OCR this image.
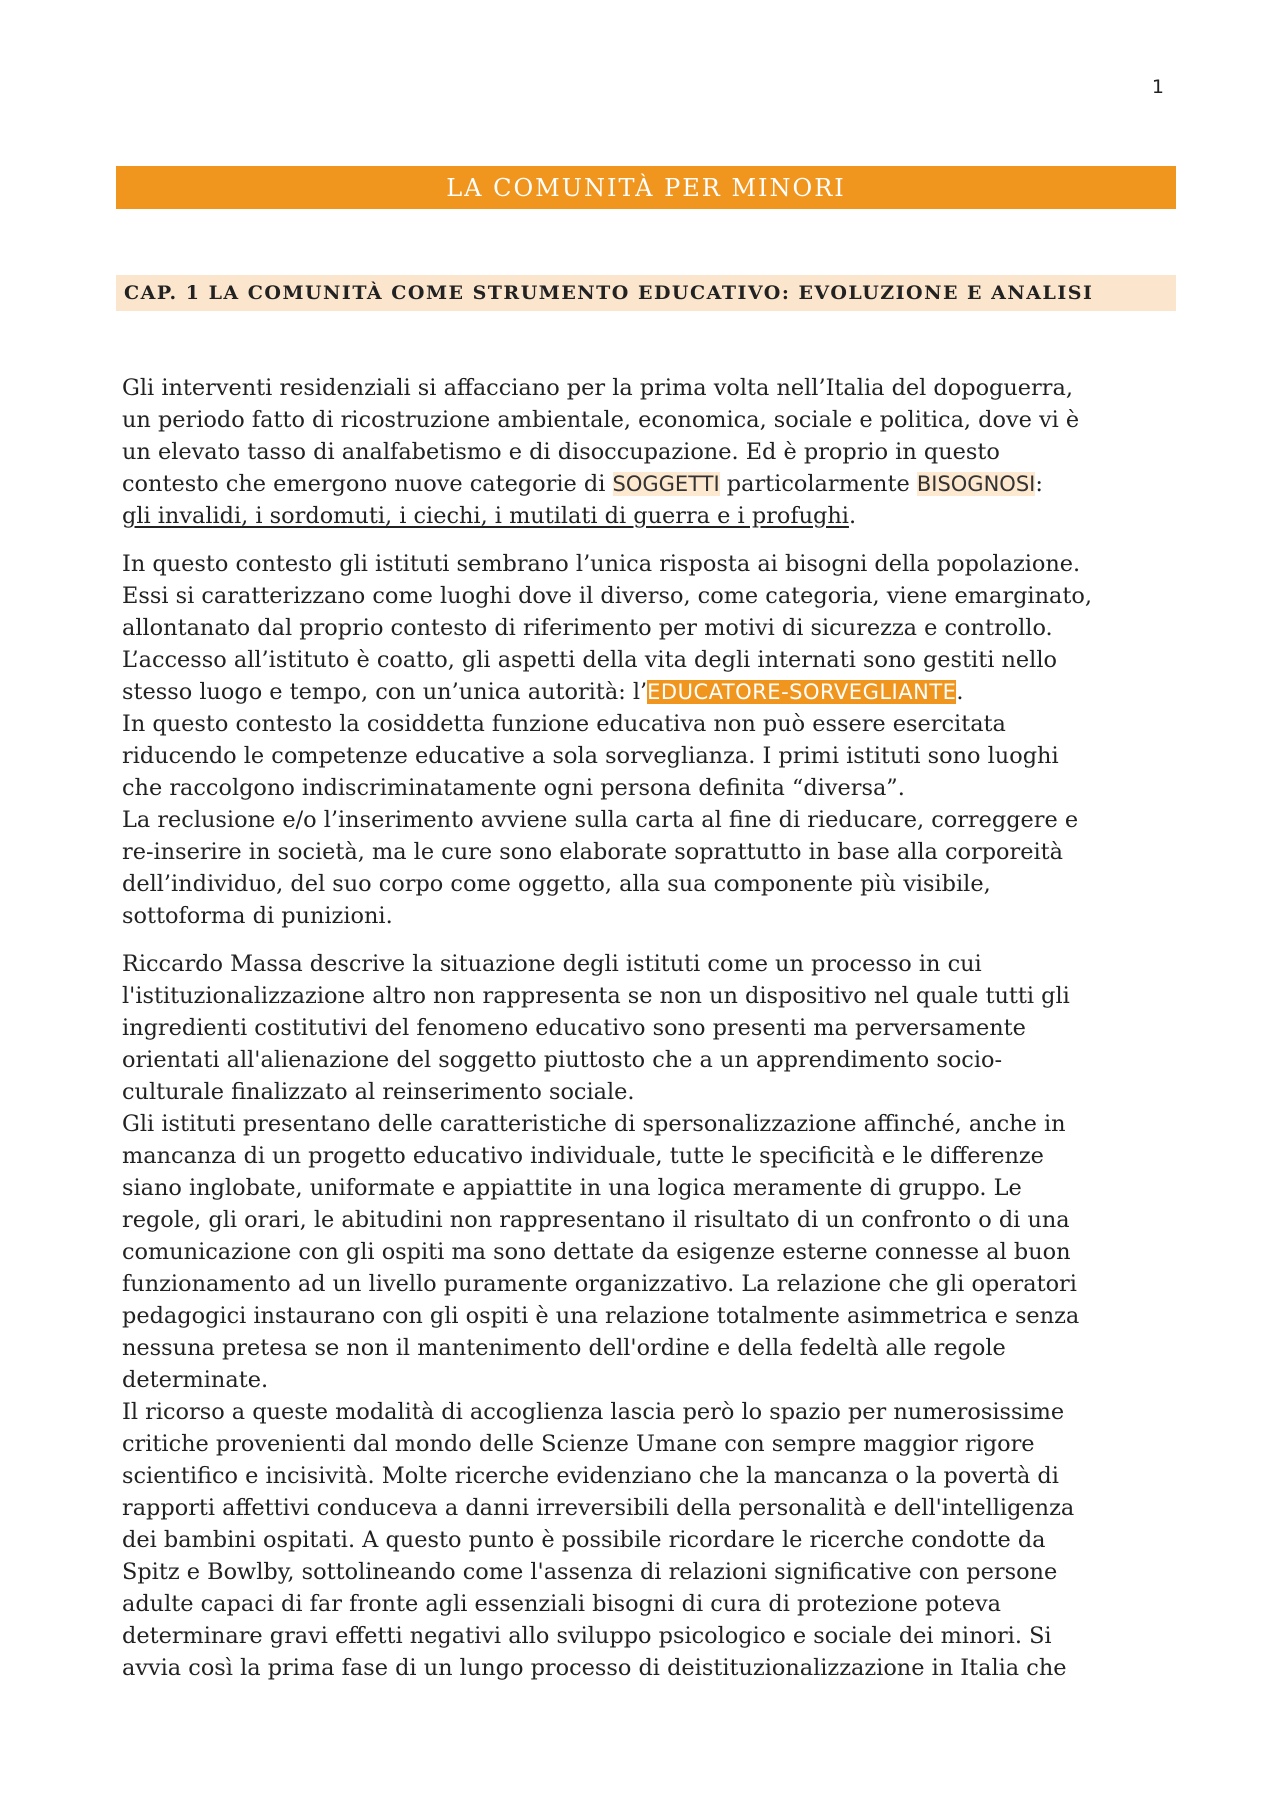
1
LA COMUNITÀ PER MINORI
CAP. 1 LA COMUNITÀ COME STRUMENTO EDUCATIVO: EVOLUZIONE E ANALISI
Gli interventi residenziali si affacciano per la prima volta nell’Italia del dopoguerra,
un periodo fatto di ricostruzione ambientale, economica, sociale e politica, dove vi è
un elevato tasso di analfabetismo e di disoccupazione. Ed è proprio in questo
contesto che emergono nuove categorie di SOGGETTI particolarmente BISOGNOSI:
gli invalidi, i sordomuti, i ciechi, i mutilati di guerra e i profughi.
In questo contesto gli istituti sembrano l’unica risposta ai bisogni della popolazione.
Essi si caratterizzano come luoghi dove il diverso, come categoria, viene emarginato,
allontanato dal proprio contesto di riferimento per motivi di sicurezza e controllo.
L’accesso all’istituto è coatto, gli aspetti della vita degli internati sono gestiti nello
stesso luogo e tempo, con un’unica autorità: l’EDUCATORE-SORVEGLIANTE.
In questo contesto la cosiddetta funzione educativa non può essere esercitata
riducendo le competenze educative a sola sorveglianza. I primi istituti sono luoghi
che raccolgono indiscriminatamente ogni persona definita “diversa”.
La reclusione e/o l’inserimento avviene sulla carta al fine di rieducare, correggere e
re-inserire in società, ma le cure sono elaborate soprattutto in base alla corporeità
dell’individuo, del suo corpo come oggetto, alla sua componente più visibile,
sottoforma di punizioni.
Riccardo Massa descrive la situazione degli istituti come un processo in cui
l'istituzionalizzazione altro non rappresenta se non un dispositivo nel quale tutti gli
ingredienti costitutivi del fenomeno educativo sono presenti ma perversamente
orientati all'alienazione del soggetto piuttosto che a un apprendimento socio-
culturale finalizzato al reinserimento sociale.
Gli istituti presentano delle caratteristiche di spersonalizzazione affinché, anche in
mancanza di un progetto educativo individuale, tutte le specificità e le differenze
siano inglobate, uniformate e appiattite in una logica meramente di gruppo. Le
regole, gli orari, le abitudini non rappresentano il risultato di un confronto o di una
comunicazione con gli ospiti ma sono dettate da esigenze esterne connesse al buon
funzionamento ad un livello puramente organizzativo. La relazione che gli operatori
pedagogici instaurano con gli ospiti è una relazione totalmente asimmetrica e senza
nessuna pretesa se non il mantenimento dell'ordine e della fedeltà alle regole
determinate.
Il ricorso a queste modalità di accoglienza lascia però lo spazio per numerosissime
critiche provenienti dal mondo delle Scienze Umane con sempre maggior rigore
scientifico e incisività. Molte ricerche evidenziano che la mancanza o la povertà di
rapporti affettivi conduceva a danni irreversibili della personalità e dell'intelligenza
dei bambini ospitati. A questo punto è possibile ricordare le ricerche condotte da
Spitz e Bowlby, sottolineando come l'assenza di relazioni significative con persone
adulte capaci di far fronte agli essenziali bisogni di cura di protezione poteva
determinare gravi effetti negativi allo sviluppo psicologico e sociale dei minori. Si
avvia così la prima fase di un lungo processo di deistituzionalizzazione in Italia che
